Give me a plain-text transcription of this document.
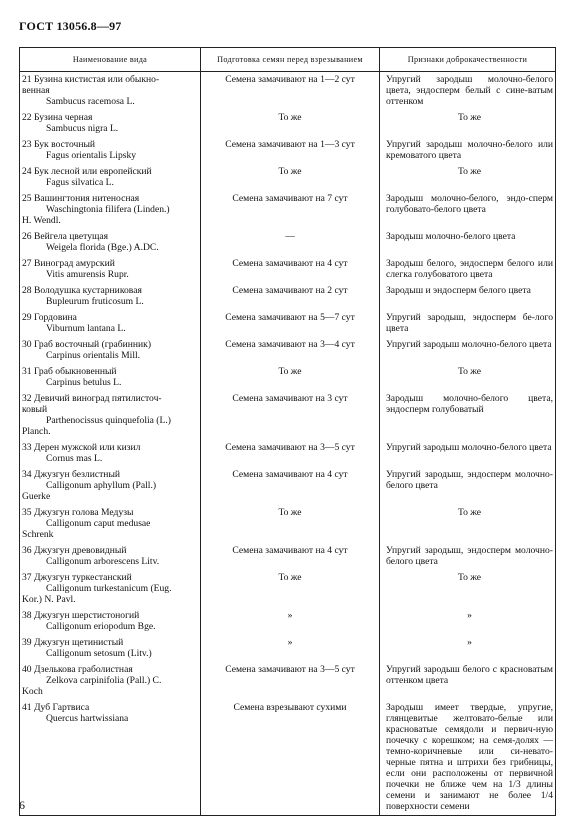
ГОСТ 13056.8—97
Наименование вида	Подготовка семян перед взрезыванием	Признаки доброкачественности

21 Бузина кистистая или обыкно-
венная
Sambucus racemosa L.	Семена замачивают на 1—2 сут	Упругий зародыш молочно-белого цвета, эндосперм белый с сине-ватым оттенком

22 Бузина черная
Sambucus nigra L.	То же	То же

23 Бук восточный
Fagus orientalis Lipsky	Семена замачивают на 1—3 сут	Упругий зародыш молочно-белого или кремоватого цвета

24 Бук лесной или европейский
Fagus silvatica L.	То же	То же

25 Вашингтония нитеносная
Waschingtonia filifera (Linden.)
H. Wendl.	Семена замачивают на 7 сут	Зародыш молочно-белого, эндо-сперм голубовато-белого цвета

26 Вейгела цветущая
Weigela florida (Bge.) A.DC.	—	Зародыш молочно-белого цвета

27 Виноград амурский
Vitis amurensis Rupr.	Семена замачивают на 4 сут	Зародыш белого, эндосперм белого или слегка голубоватого цвета

28 Володушка кустарниковая
Bupleurum fruticosum L.	Семена замачивают на 2 сут	Зародыш и эндосперм белого цвета

29 Гордовина
Viburnum lantana L.	Семена замачивают на 5—7 сут	Упругий зародыш, эндосперм бе-лого цвета

30 Граб восточный (грабинник)
Carpinus orientalis Mill.	Семена замачивают на 3—4 сут	Упругий зародыш молочно-белого цвета

31 Граб обыкновенный
Carpinus betulus L.	То же	То же

32 Девичий виноград пятилисточ-
ковый
Parthenocissus quinquefolia (L.)
Planch.	Семена замачивают на 3 сут	Зародыш молочно-белого цвета, эндосперм голубоватый

33 Дерен мужской или кизил
Cornus mas L.	Семена замачивают на 3—5 сут	Упругий зародыш молочно-белого цвета

34 Джузгун безлистный
Calligonum aphyllum (Pall.)
Guerke	Семена замачивают на 4 сут	Упругий зародыш, эндосперм молочно-белого цвета

35 Джузгун голова Медузы
Calligonum caput medusae
Schrenk	То же	То же

36 Джузгун древовидный
Calligonum arborescens Litv.	Семена замачивают на 4 сут	Упругий зародыш, эндосперм молочно-белого цвета

37 Джузгун туркестанский
Calligonum turkestanicum (Eug.
Kor.) N. Pavl.	То же	То же

38 Джузгун шерстистоногий
Calligonum eriopodum Bge.	»	»

39 Джузгун щетинистый
Calligonum setosum (Litv.)	»	»

40 Дзелькова граболистная
Zelkova carpinifolia (Pall.) C.
Koch	Семена замачивают на 3—5 сут	Упругий зародыш белого с красноватым оттенком цвета

41 Дуб Гартвиса
Quercus hartwissiana	Семена взрезывают сухими	Зародыш имеет твердые, упругие, глянцевитые желтовато-белые или красноватые семядоли и первич-ную почечку с корешком; на семя-долях — темно-коричневые или си-невато-черные пятна и штрихи без грибницы, если они расположены от первичной почечки не ближе чем на 1/3 длины семени и занимают не более 1/4 поверхности семени
6
